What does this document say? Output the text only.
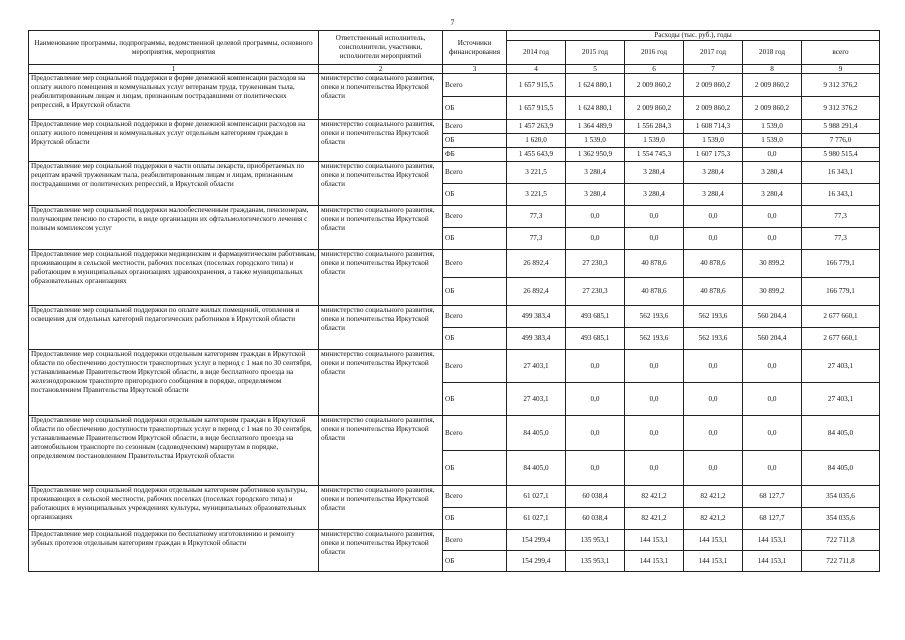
7
Наименование программы, подпрограммы, ведомственной целевой программы, основного мероприятия, мероприятия	Ответственный исполнитель, соисполнители, участники, исполнители мероприятий	Источники финансирования	Расходы (тыс. руб.), годы					
			2014 год	2015 год	2016 год	2017 год	2018 год	всего
1	2	3	4	5	6	7	8	9
Предоставление мер социальной поддержки в форме денежной компенсации расходов на оплату жилого помещения и коммунальных услуг ветеранам труда, труженикам тыла, реабилитированным лицам и лицам, признанным пострадавшими от политических репрессий, в Иркутской области	министерство социального развития, опеки и попечительства Иркутской области	Всего	1 657 915,5	1 624 880,1	2 009 860,2	2 009 860,2	2 009 860,2	9 312 376,2
		ОБ	1 657 915,5	1 624 880,1	2 009 860,2	2 009 860,2	2 009 860,2	9 312 376,2
Предоставление мер социальной поддержки в форме денежной компенсации расходов на оплату жилого помещения и коммунальных услуг отдельным категориям граждан в Иркутской области	министерство социального развития, опеки и попечительства Иркутской области	Всего	1 457 263,9	1 364 489,9	1 556 284,3	1 608 714,3	1 539,0	5 988 291,4
		ОБ	1 620,0	1 539,0	1 539,0	1 539,0	1 539,0	7 776,0
		ФБ	1 455 643,9	1 362 950,9	1 554 745,3	1 607 175,3	0,0	5 980 515,4
Предоставление мер социальной поддержки в части оплаты лекарств, приобретаемых по рецептам врачей труженикам тыла, реабилитированным лицам и лицам, признанным пострадавшими от политических репрессий, в Иркутской области	министерство социального развития, опеки и попечительства Иркутской области	Всего	3 221,5	3 280,4	3 280,4	3 280,4	3 280,4	16 343,1
		ОБ	3 221,5	3 280,4	3 280,4	3 280,4	3 280,4	16 343,1
Предоставление мер социальной поддержки малообеспеченным гражданам, пенсионерам, получающим пенсию по старости, в виде организации их офтальмологического лечения с полным комплексом услуг	министерство социального развития, опеки и попечительства Иркутской области	Всего	77,3	0,0	0,0	0,0	0,0	77,3
		ОБ	77,3	0,0	0,0	0,0	0,0	77,3
Предоставление мер социальной поддержки медицинским и фармацевтическим работникам, проживающим в сельской местности, рабочих поселках (поселках городского типа) и работающим в муниципальных организациях здравоохранения, а также муниципальных образовательных организациях	министерство социального развития, опеки и попечительства Иркутской области	Всего	26 892,4	27 230,3	40 878,6	40 878,6	30 899,2	166 779,1
		ОБ	26 892,4	27 230,3	40 878,6	40 878,6	30 899,2	166 779,1
Предоставление мер социальной поддержки по оплате жилых помещений, отопления и освещения для отдельных категорий педагогических работников в Иркутской области	министерство социального развития, опеки и попечительства Иркутской области	Всего	499 383,4	493 685,1	562 193,6	562 193,6	560 204,4	2 677 660,1
		ОБ	499 383,4	493 685,1	562 193,6	562 193,6	560 204,4	2 677 660,1
Предоставление мер социальной поддержки отдельным категориям граждан в Иркутской области по обеспечению доступности транспортных услуг в период с 1 мая по 30 сентября, устанавливаемые Правительством Иркутской области, в виде бесплатного проезда на железнодорожном транспорте пригородного сообщения в порядке, определяемом постановлением Правительства Иркутской области	министерство социального развития, опеки и попечительства Иркутской области	Всего	27 403,1	0,0	0,0	0,0	0,0	27 403,1
		ОБ	27 403,1	0,0	0,0	0,0	0,0	27 403,1
Предоставление мер социальной поддержки отдельным категориям граждан в Иркутской области по обеспечению доступности транспортных услуг в период с 1 мая по 30 сентября, устанавливаемые Правительством Иркутской области, в виде бесплатного проезда на автомобильном транспорте по сезонным (садоводческим) маршрутам в порядке, определяемом постановлением Правительства Иркутской области	министерство социального развития, опеки и попечительства Иркутской области	Всего	84 405,0	0,0	0,0	0,0	0,0	84 405,0
		ОБ	84 405,0	0,0	0,0	0,0	0,0	84 405,0
Предоставление мер социальной поддержки отдельным категориям работников культуры, проживающих в сельской местности, рабочих поселках (поселках городского типа) и работающих в муниципальных учреждениях культуры, муниципальных образовательных организациях	министерство социального развития, опеки и попечительства Иркутской области	Всего	61 027,1	60 038,4	82 421,2	82 421,2	68 127,7	354 035,6
		ОБ	61 027,1	60 038,4	82 421,2	82 421,2	68 127,7	354 035,6
Предоставление мер социальной поддержки по бесплатному изготовлению и ремонту зубных протезов отдельным категориям граждан в Иркутской области	министерство социального развития, опеки и попечительства Иркутской области	Всего	154 299,4	135 953,1	144 153,1	144 153,1	144 153,1	722 711,8
		ОБ	154 299,4	135 953,1	144 153,1	144 153,1	144 153,1	722 711,8
